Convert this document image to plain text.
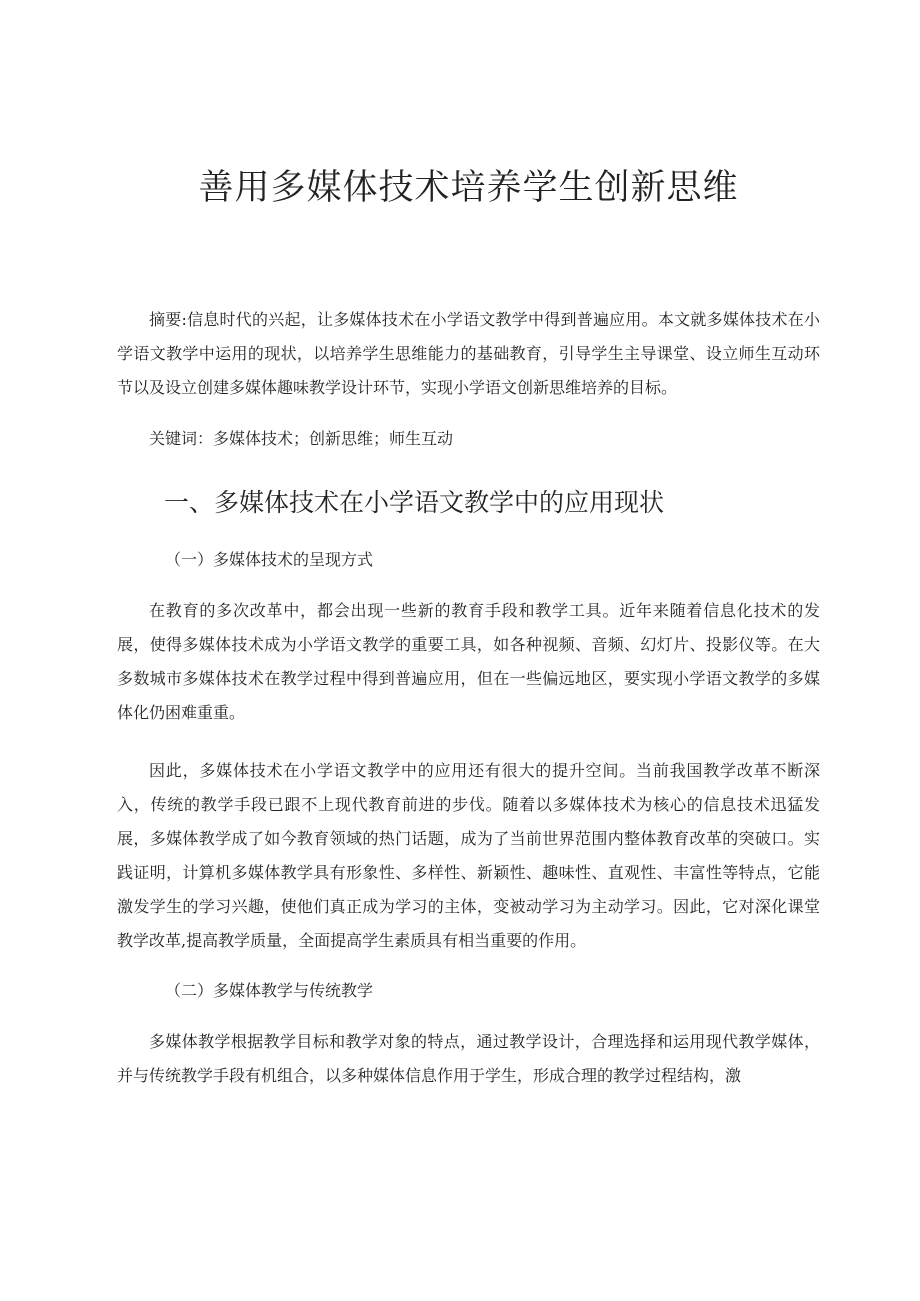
善用多媒体技术培养学生创新思维

摘要:信息时代的兴起，让多媒体技术在小学语文教学中得到普遍应用。本文就多媒体技术在小学语文教学中运用的现状，以培养学生思维能力的基础教育，引导学生主导课堂、设立师生互动环节以及设立创建多媒体趣味教学设计环节，实现小学语文创新思维培养的目标。

关键词：多媒体技术；创新思维；师生互动

一、多媒体技术在小学语文教学中的应用现状
（一）多媒体技术的呈现方式

在教育的多次改革中，都会出现一些新的教育手段和教学工具。近年来随着信息化技术的发展，使得多媒体技术成为小学语文教学的重要工具，如各种视频、音频、幻灯片、投影仪等。在大多数城市多媒体技术在教学过程中得到普遍应用，但在一些偏远地区，要实现小学语文教学的多媒体化仍困难重重。

因此，多媒体技术在小学语文教学中的应用还有很大的提升空间。当前我国教学改革不断深入，传统的教学手段已跟不上现代教育前进的步伐。随着以多媒体技术为核心的信息技术迅猛发展，多媒体教学成了如今教育领域的热门话题，成为了当前世界范围内整体教育改革的突破口。实践证明，计算机多媒体教学具有形象性、多样性、新颖性、趣味性、直观性、丰富性等特点，它能激发学生的学习兴趣，使他们真正成为学习的主体，变被动学习为主动学习。因此，它对深化课堂教学改革,提高教学质量，全面提高学生素质具有相当重要的作用。

（二）多媒体教学与传统教学

多媒体教学根据教学目标和教学对象的特点，通过教学设计，合理选择和运用现代教学媒体，并与传统教学手段有机组合，以多种媒体信息作用于学生，形成合理的教学过程结构，激
